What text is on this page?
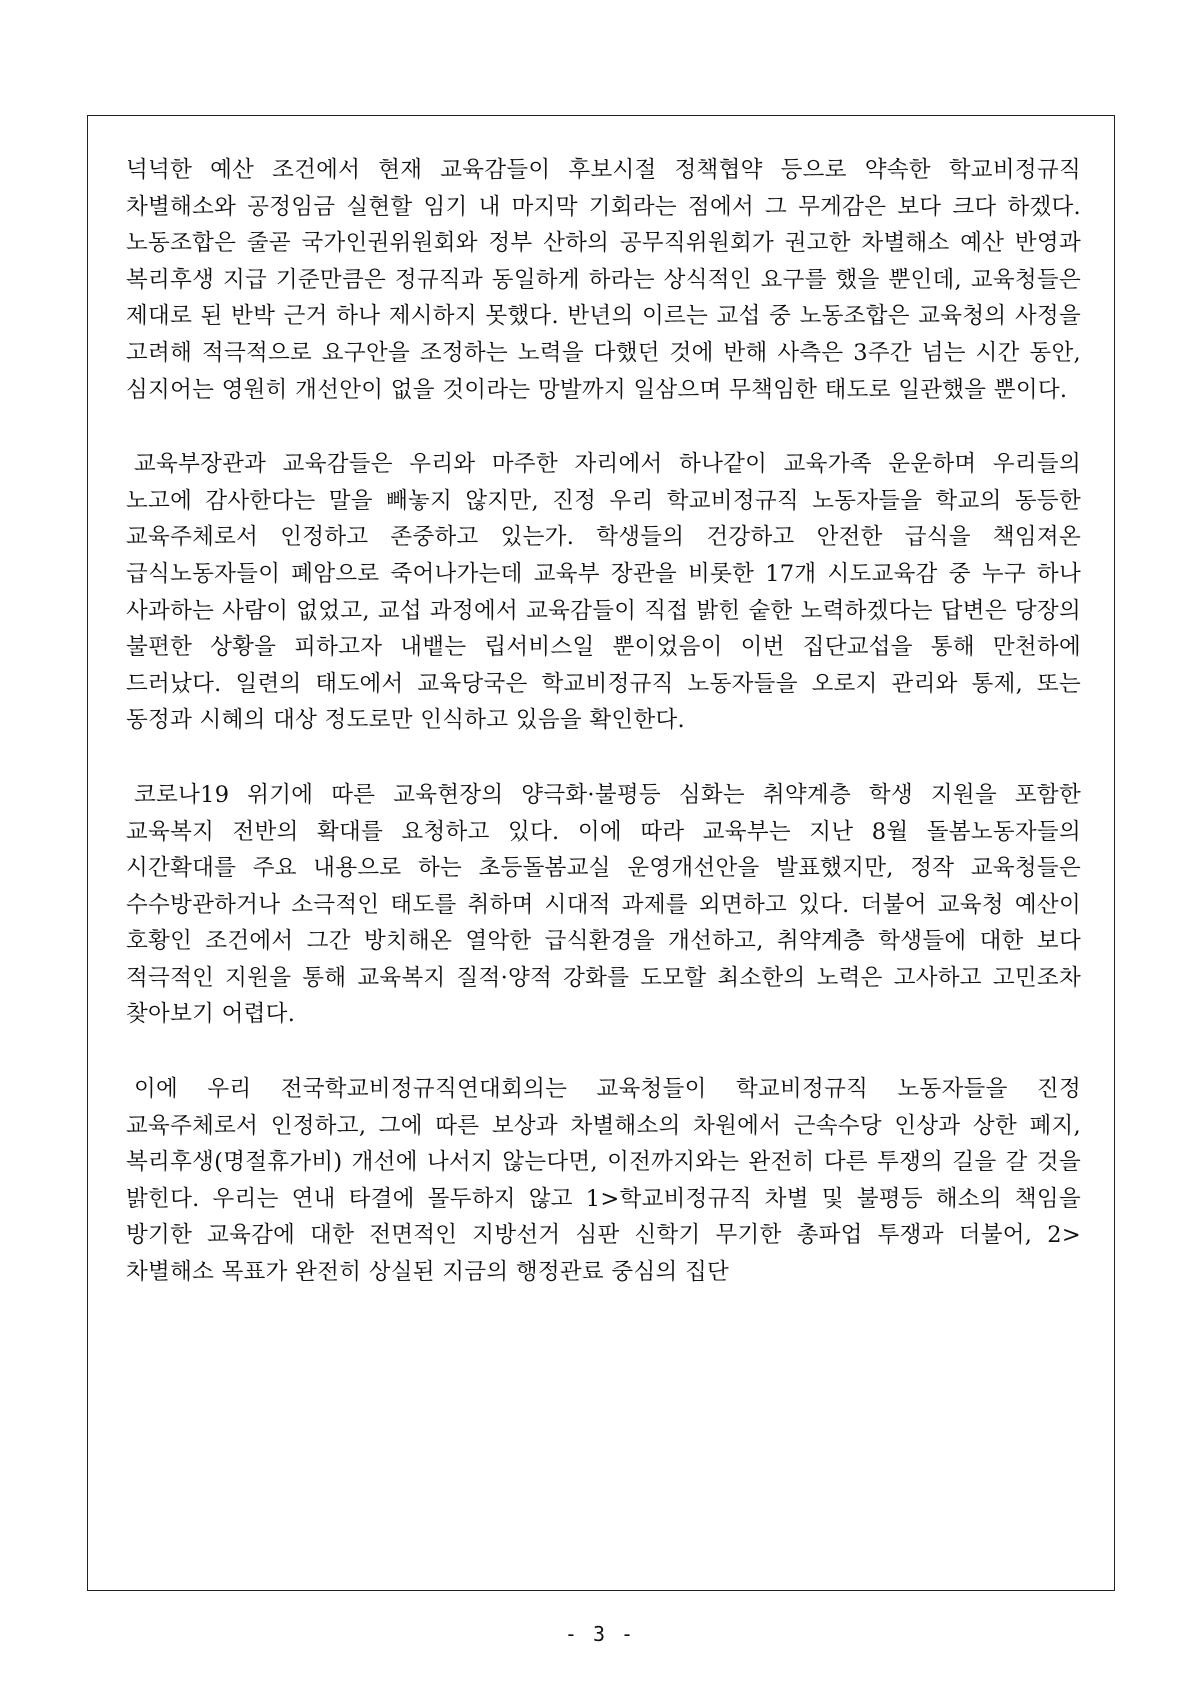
넉넉한 예산 조건에서 현재 교육감들이 후보시절 정책협약 등으로 약속한 학교비정규직 차별해소와 공정임금 실현할 임기 내 마지막 기회라는 점에서 그 무게감은 보다 크다 하겠다. 노동조합은 줄곧 국가인권위원회와 정부 산하의 공무직위원회가 권고한 차별해소 예산 반영과 복리후생 지급 기준만큼은 정규직과 동일하게 하라는 상식적인 요구를 했을 뿐인데, 교육청들은 제대로 된 반박 근거 하나 제시하지 못했다. 반년의 이르는 교섭 중 노동조합은 교육청의 사정을 고려해 적극적으로 요구안을 조정하는 노력을 다했던 것에 반해 사측은 3주간 넘는 시간 동안, 심지어는 영원히 개선안이 없을 것이라는 망발까지 일삼으며 무책임한 태도로 일관했을 뿐이다.

교육부장관과 교육감들은 우리와 마주한 자리에서 하나같이 교육가족 운운하며 우리들의 노고에 감사한다는 말을 빼놓지 않지만, 진정 우리 학교비정규직 노동자들을 학교의 동등한 교육주체로서 인정하고 존중하고 있는가. 학생들의 건강하고 안전한 급식을 책임져온 급식노동자들이 폐암으로 죽어나가는데 교육부 장관을 비롯한 17개 시도교육감 중 누구 하나 사과하는 사람이 없었고, 교섭 과정에서 교육감들이 직접 밝힌 숱한 노력하겠다는 답변은 당장의 불편한 상황을 피하고자 내뱉는 립서비스일 뿐이었음이 이번 집단교섭을 통해 만천하에 드러났다. 일련의 태도에서 교육당국은 학교비정규직 노동자들을 오로지 관리와 통제, 또는 동정과 시혜의 대상 정도로만 인식하고 있음을 확인한다.

코로나19 위기에 따른 교육현장의 양극화·불평등 심화는 취약계층 학생 지원을 포함한 교육복지 전반의 확대를 요청하고 있다. 이에 따라 교육부는 지난 8월 돌봄노동자들의 시간확대를 주요 내용으로 하는 초등돌봄교실 운영개선안을 발표했지만, 정작 교육청들은 수수방관하거나 소극적인 태도를 취하며 시대적 과제를 외면하고 있다. 더불어 교육청 예산이 호황인 조건에서 그간 방치해온 열악한 급식환경을 개선하고, 취약계층 학생들에 대한 보다 적극적인 지원을 통해 교육복지 질적·양적 강화를 도모할 최소한의 노력은 고사하고 고민조차 찾아보기 어렵다.

이에 우리 전국학교비정규직연대회의는 교육청들이 학교비정규직 노동자들을 진정 교육주체로서 인정하고, 그에 따른 보상과 차별해소의 차원에서 근속수당 인상과 상한 폐지, 복리후생(명절휴가비) 개선에 나서지 않는다면, 이전까지와는 완전히 다른 투쟁의 길을 갈 것을 밝힌다. 우리는 연내 타결에 몰두하지 않고 1>학교비정규직 차별 및 불평등 해소의 책임을 방기한 교육감에 대한 전면적인 지방선거 심판 신학기 무기한 총파업 투쟁과 더불어, 2>차별해소 목표가 완전히 상실된 지금의 행정관료 중심의 집단

- 3 -
